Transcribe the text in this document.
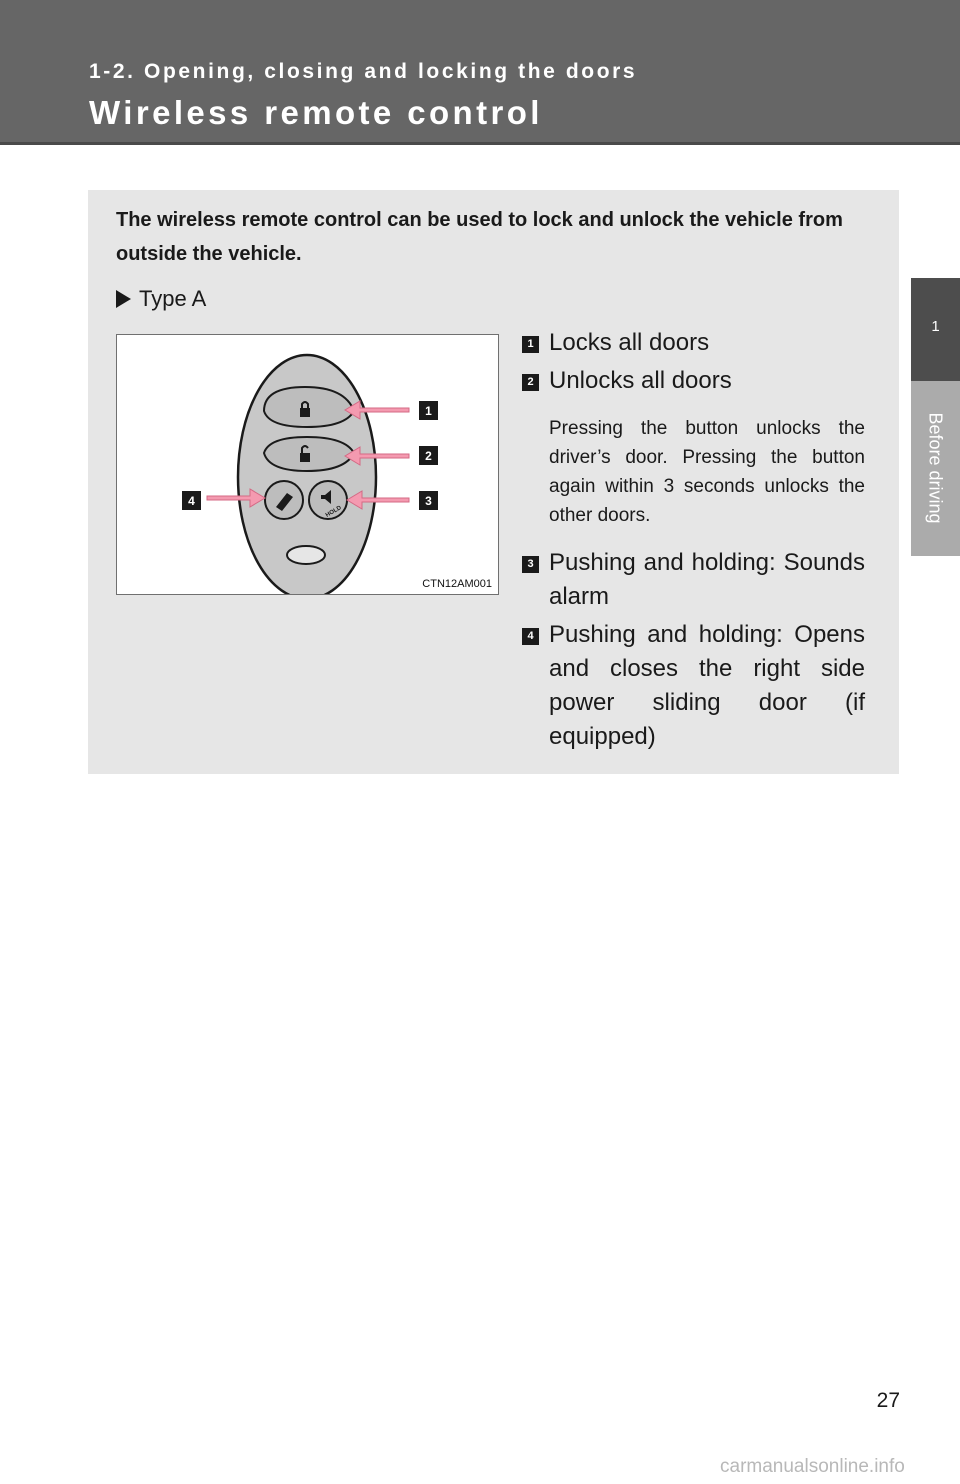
1-2. Opening, closing and locking the doors
Wireless remote control
1
Before driving

The wireless remote control can be used to lock and unlock the vehicle from outside the vehicle.

Type A
HOLD
1
2
3
4
CTN12AM001
1 Locks all doors
2 Unlocks all doors
Pressing the button unlocks the driver’s door. Pressing the button again within 3 seconds unlocks the other doors.
3 Pushing and holding: Sounds alarm
4 Pushing and holding: Opens and closes the right side power sliding door (if equipped)
27
carmanualsonline.info
